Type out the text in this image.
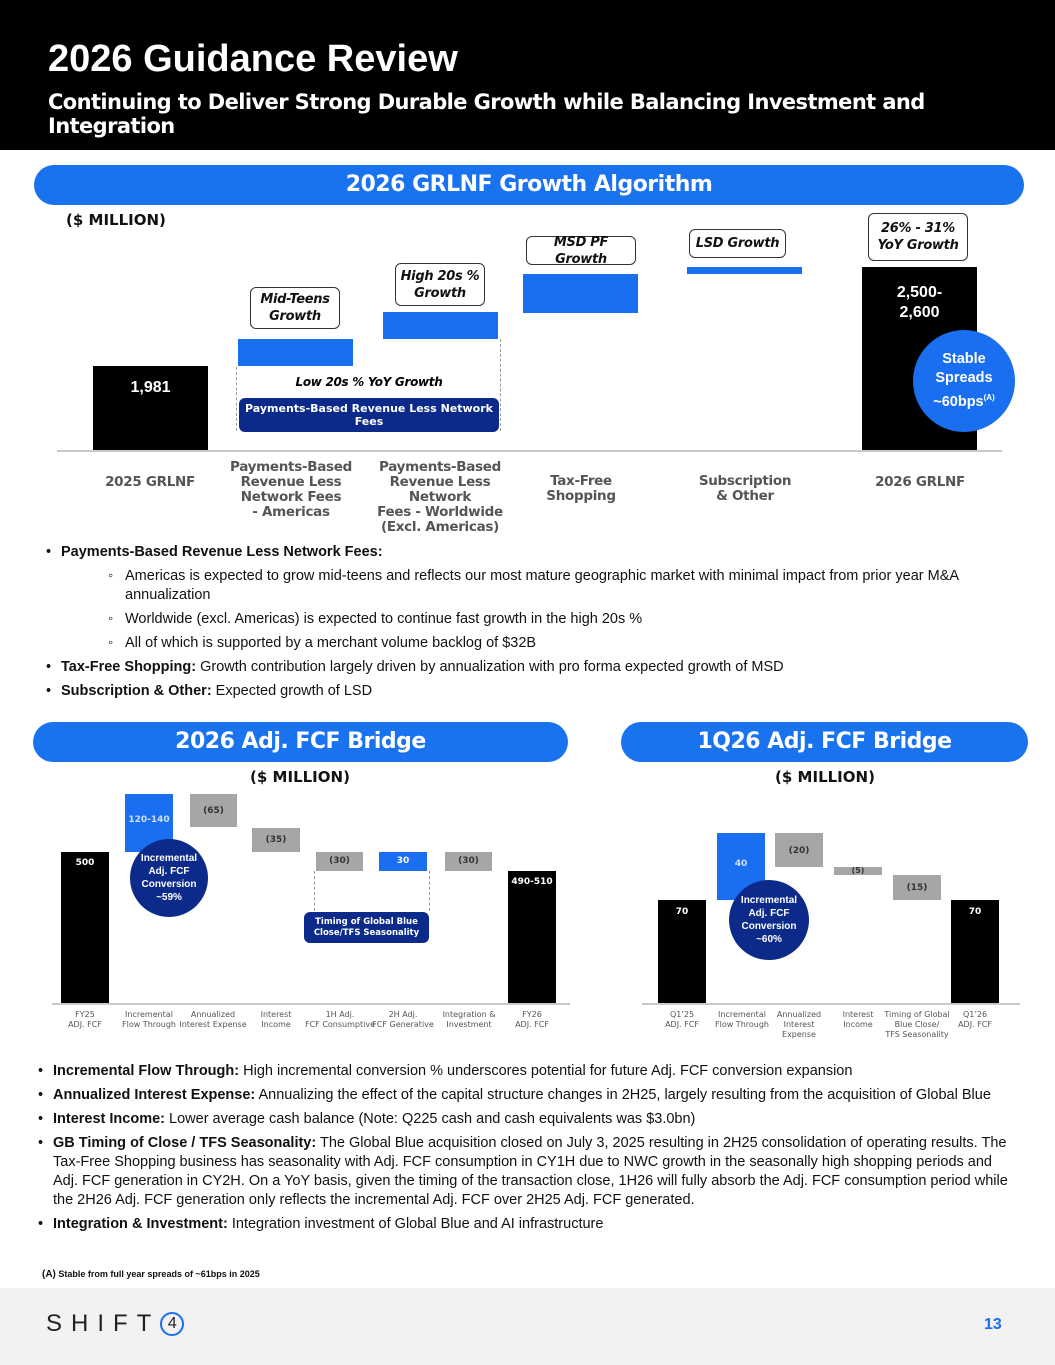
2026 Guidance Review
Continuing to Deliver Strong Durable Growth while Balancing Investment and Integration
2026 GRLNF Growth Algorithm
($ MILLION)
1,981
Mid-Teens
Growth
High 20s %
Growth
MSD PF Growth
LSD Growth
2,500-
2,600
26% - 31%
YoY Growth
Stable
Spreads
~60bps$^{(A)}$
Low 20s % YoY Growth
Payments-Based Revenue Less Network Fees
2025 GRLNF
Payments-Based
Revenue Less
Network Fees
- Americas
Payments-Based
Revenue Less Network
Fees - Worldwide
(Excl. Americas)
Tax-Free
Shopping
Subscription
& Other
2026 GRLNF
• Payments-Based Revenue Less Network Fees:
◦ Americas is expected to grow mid-teens and reflects our most mature geographic market with minimal impact from prior year M&A annualization
◦ Worldwide (excl. Americas) is expected to continue fast growth in the high 20s %
◦ All of which is supported by a merchant volume backlog of $32B
• Tax-Free Shopping: Growth contribution largely driven by annualization with pro forma expected growth of MSD
• Subscription & Other: Expected growth of LSD
2026 Adj. FCF Bridge
($ MILLION)
1Q26 Adj. FCF Bridge
($ MILLION)
500
120-140
(65)
(35)
(30)	30	(30)
490-510
Incremental
Adj. FCF
Conversion
~59%
Timing of Global Blue
Close/TFS Seasonality
FY25
ADJ. FCF
Incremental
Flow Through
Annualized
Interest Expense
Interest
Income
1H Adj.
FCF Consumptive
2H Adj.
FCF Generative
Integration &
Investment
FY26
ADJ. FCF
70
40
(20)
(5)
(15)
70
Incremental
Adj. FCF
Conversion
~60%
Q1’25
ADJ. FCF
Incremental
Flow Through
Annualized
Interest
Expense
Interest
Income
Timing of Global
Blue Close/
TFS Seasonality
Q1’26
ADJ. FCF
• Incremental Flow Through: High incremental conversion % underscores potential for future Adj. FCF conversion expansion
• Annualized Interest Expense: Annualizing the effect of the capital structure changes in 2H25, largely resulting from the acquisition of Global Blue
• Interest Income: Lower average cash balance (Note: Q225 cash and cash equivalents was $3.0bn)
• GB Timing of Close / TFS Seasonality: The Global Blue acquisition closed on July 3, 2025 resulting in 2H25 consolidation of operating results. The Tax-Free Shopping business has seasonality with Adj. FCF consumption in CY1H due to NWC growth in the seasonally high shopping periods and Adj. FCF generation in CY2H. On a YoY basis, given the timing of the transaction close, 1H26 will fully absorb the Adj. FCF consumption period while the 2H26 Adj. FCF generation only reflects the incremental Adj. FCF over 2H25 Adj. FCF generated.
• Integration & Investment: Integration investment of Global Blue and AI infrastructure
(A) Stable from full year spreads of ~61bps in 2025
SHIFT 4	13
